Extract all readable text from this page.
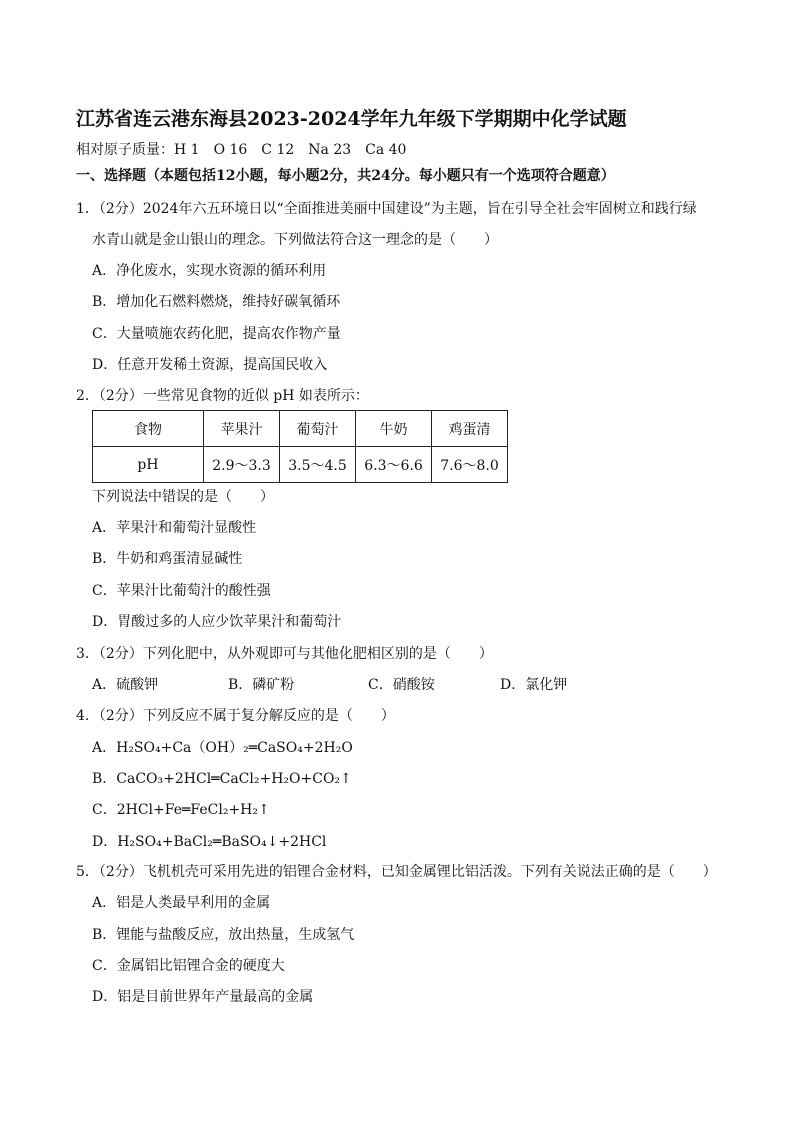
江苏省连云港东海县2023-2024学年九年级下学期期中化学试题
相对原子质量：H 1　O 16　C 12　Na 23　Ca 40
一、选择题（本题包括12小题，每小题2分，共24分。每小题只有一个选项符合题意）
1．（2分）2024年六五环境日以“全面推进美丽中国建设”为主题，旨在引导全社会牢固树立和践行绿
水青山就是金山银山的理念。下列做法符合这一理念的是（　　）
A．净化废水，实现水资源的循环利用
B．增加化石燃料燃烧，维持好碳氧循环
C．大量喷施农药化肥，提高农作物产量
D．任意开发稀土资源，提高国民收入
2．（2分）一些常见食物的近似 pH 如表所示：
食物	苹果汁	葡萄汁	牛奶	鸡蛋清
pH	2.9～3.3	3.5～4.5	6.3～6.6	7.6～8.0
下列说法中错误的是（　　）
A．苹果汁和葡萄汁显酸性
B．牛奶和鸡蛋清显碱性
C．苹果汁比葡萄汁的酸性强
D．胃酸过多的人应少饮苹果汁和葡萄汁
3．（2分）下列化肥中，从外观即可与其他化肥相区别的是（　　）
A．硫酸钾	B．磷矿粉	C．硝酸铵	D．氯化钾
4．（2分）下列反应不属于复分解反应的是（　　）
A．H₂SO₄+Ca（OH）₂═CaSO₄+2H₂O
B．CaCO₃+2HCl═CaCl₂+H₂O+CO₂↑
C．2HCl+Fe═FeCl₂+H₂↑
D．H₂SO₄+BaCl₂═BaSO₄↓+2HCl
5．（2分）飞机机壳可采用先进的铝锂合金材料，已知金属锂比铝活泼。下列有关说法正确的是（　　）
A．铝是人类最早利用的金属
B．锂能与盐酸反应，放出热量，生成氢气
C．金属铝比铝锂合金的硬度大
D．铝是目前世界年产量最高的金属
